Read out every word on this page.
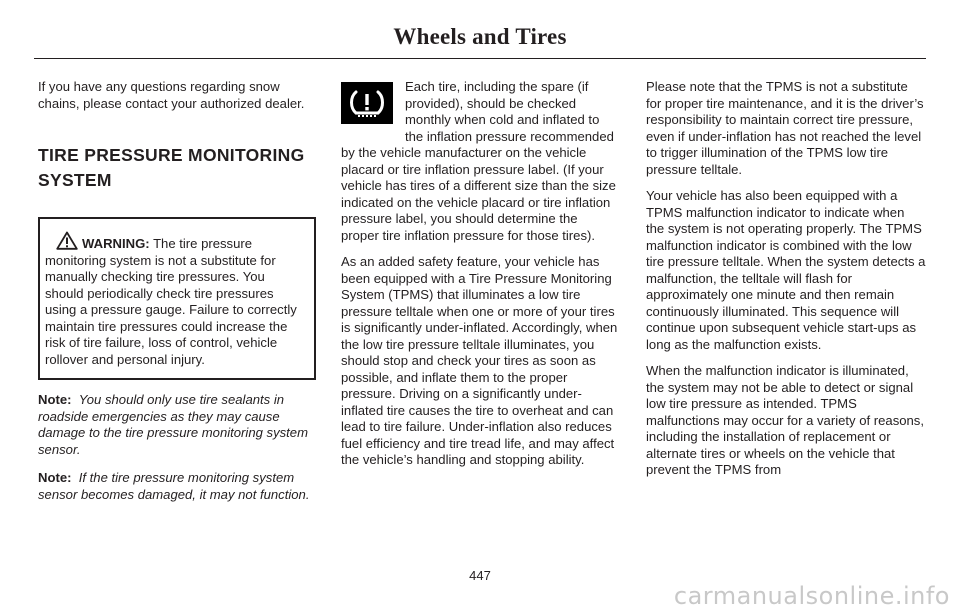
Wheels and Tires

If you have any questions regarding snow chains, please contact your authorized dealer.

TIRE PRESSURE MONITORING
SYSTEM

WARNING: The tire pressure monitoring system is not a substitute for manually checking tire pressures. You should periodically check tire pressures using a pressure gauge. Failure to correctly maintain tire pressures could increase the risk of tire failure, loss of control, vehicle rollover and personal injury.

Note: You should only use tire sealants in roadside emergencies as they may cause damage to the tire pressure monitoring system sensor.

Note: If the tire pressure monitoring system sensor becomes damaged, it may not function.

Each tire, including the spare (if provided), should be checked monthly when cold and inflated to the inflation pressure recommended by the vehicle manufacturer on the vehicle placard or tire inflation pressure label. (If your vehicle has tires of a different size than the size indicated on the vehicle placard or tire inflation pressure label, you should determine the proper tire inflation pressure for those tires).

As an added safety feature, your vehicle has been equipped with a Tire Pressure Monitoring System (TPMS) that illuminates a low tire pressure telltale when one or more of your tires is significantly under-inflated. Accordingly, when the low tire pressure telltale illuminates, you should stop and check your tires as soon as possible, and inflate them to the proper pressure. Driving on a significantly under-inflated tire causes the tire to overheat and can lead to tire failure. Under-inflation also reduces fuel efficiency and tire tread life, and may affect the vehicle’s handling and stopping ability.

Please note that the TPMS is not a substitute for proper tire maintenance, and it is the driver’s responsibility to maintain correct tire pressure, even if under-inflation has not reached the level to trigger illumination of the TPMS low tire pressure telltale.

Your vehicle has also been equipped with a TPMS malfunction indicator to indicate when the system is not operating properly. The TPMS malfunction indicator is combined with the low tire pressure telltale. When the system detects a malfunction, the telltale will flash for approximately one minute and then remain continuously illuminated. This sequence will continue upon subsequent vehicle start-ups as long as the malfunction exists.

When the malfunction indicator is illuminated, the system may not be able to detect or signal low tire pressure as intended. TPMS malfunctions may occur for a variety of reasons, including the installation of replacement or alternate tires or wheels on the vehicle that prevent the TPMS from

447
carmanualsonline.info
